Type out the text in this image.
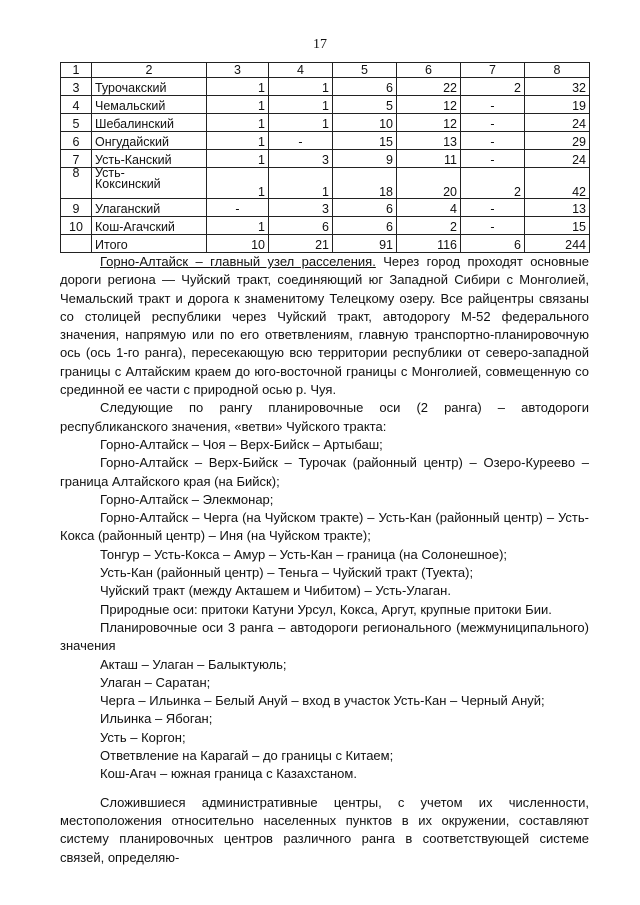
17
1	2	3	4	5	6	7	8
3	Турочакский	1	1	6	22	2	32
4	Чемальский	1	1	5	12	-	19
5	Шебалинский	1	1	10	12	-	24
6	Онгудайский	1	-	15	13	-	29
7	Усть-Канский	1	3	9	11	-	24
8	Усть-
Коксинский	1	1	18	20	2	42
9	Улаганский	-	3	6	4	-	13
10	Кош-Агачский	1	6	6	2	-	15
	Итого	10	21	91	116	6	244

Горно-Алтайск – главный узел расселения. Через город проходят основные дороги региона — Чуйский тракт, соединяющий юг Западной Сибири с Монголией, Чемальский тракт и дорога к знаменитому Телецкому озеру. Все райцентры связаны со столицей республики через Чуйский тракт, автодорогу М-52 федерального значения, напрямую или по его ответвлениям, главную транспортно-планировочную ось (ось 1-го ранга), пересекающую всю территории республики от северо-западной границы с Алтайским краем до юго-восточной границы с Монголией, совмещенную со срединной ее части с природной осью р. Чуя.

Следующие по рангу планировочные оси (2 ранга) – автодороги республиканского значения, «ветви» Чуйского тракта:

Горно-Алтайск – Чоя – Верх-Бийск – Артыбаш;

Горно-Алтайск – Верх-Бийск – Турочак (районный центр) – Озеро-Куреево – граница Алтайского края (на Бийск);

Горно-Алтайск – Элекмонар;

Горно-Алтайск – Черга (на Чуйском тракте) – Усть-Кан (районный центр) – Усть-Кокса (районный центр) – Иня (на Чуйском тракте);

Тонгур – Усть-Кокса – Амур – Усть-Кан – граница (на Солонешное);

Усть-Кан (районный центр) – Теньга – Чуйский тракт (Туекта);

Чуйский тракт (между Акташем и Чибитом) – Усть-Улаган.

Природные оси: притоки Катуни Урсул, Кокса, Аргут, крупные притоки Бии.

Планировочные оси 3 ранга – автодороги регионального (межмуниципального) значения

Акташ – Улаган – Балыктуюль;

Улаган – Саратан;

Черга – Ильинка – Белый Ануй – вход в участок Усть-Кан – Черный Ануй;

Ильинка – Ябоган;

Усть – Коргон;

Ответвление на Карагай – до границы с Китаем;

Кош-Агач – южная граница с Казахстаном.

Сложившиеся административные центры, с учетом их численности, местоположения относительно населенных пунктов в их окружении, составляют систему планировочных центров различного ранга в соответствующей системе связей, определяю-
